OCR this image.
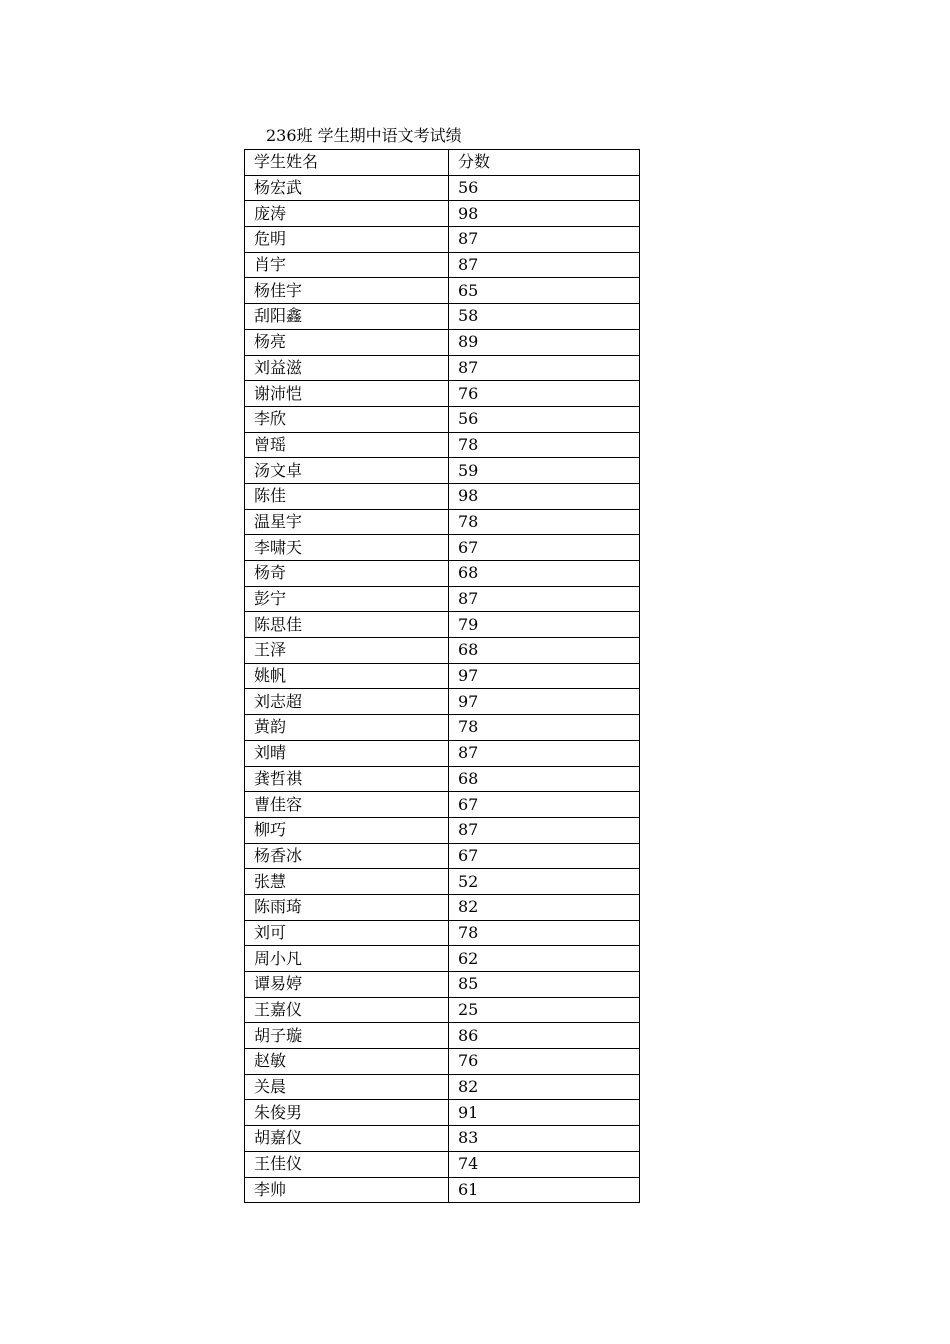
236班 学生期中语文考试绩
学生姓名	分数
杨宏武	56
庞涛	98
危明	87
肖宇	87
杨佳宇	65
刮阳鑫	58
杨亮	89
刘益滋	87
谢沛恺	76
李欣	56
曾瑶	78
汤文卓	59
陈佳	98
温星宇	78
李啸天	67
杨奇	68
彭宁	87
陈思佳	79
王泽	68
姚帆	97
刘志超	97
黄韵	78
刘晴	87
龚哲祺	68
曹佳容	67
柳巧	87
杨香冰	67
张慧	52
陈雨琦	82
刘可	78
周小凡	62
谭易婷	85
王嘉仪	25
胡子璇	86
赵敏	76
关晨	82
朱俊男	91
胡嘉仪	83
王佳仪	74
李帅	61
